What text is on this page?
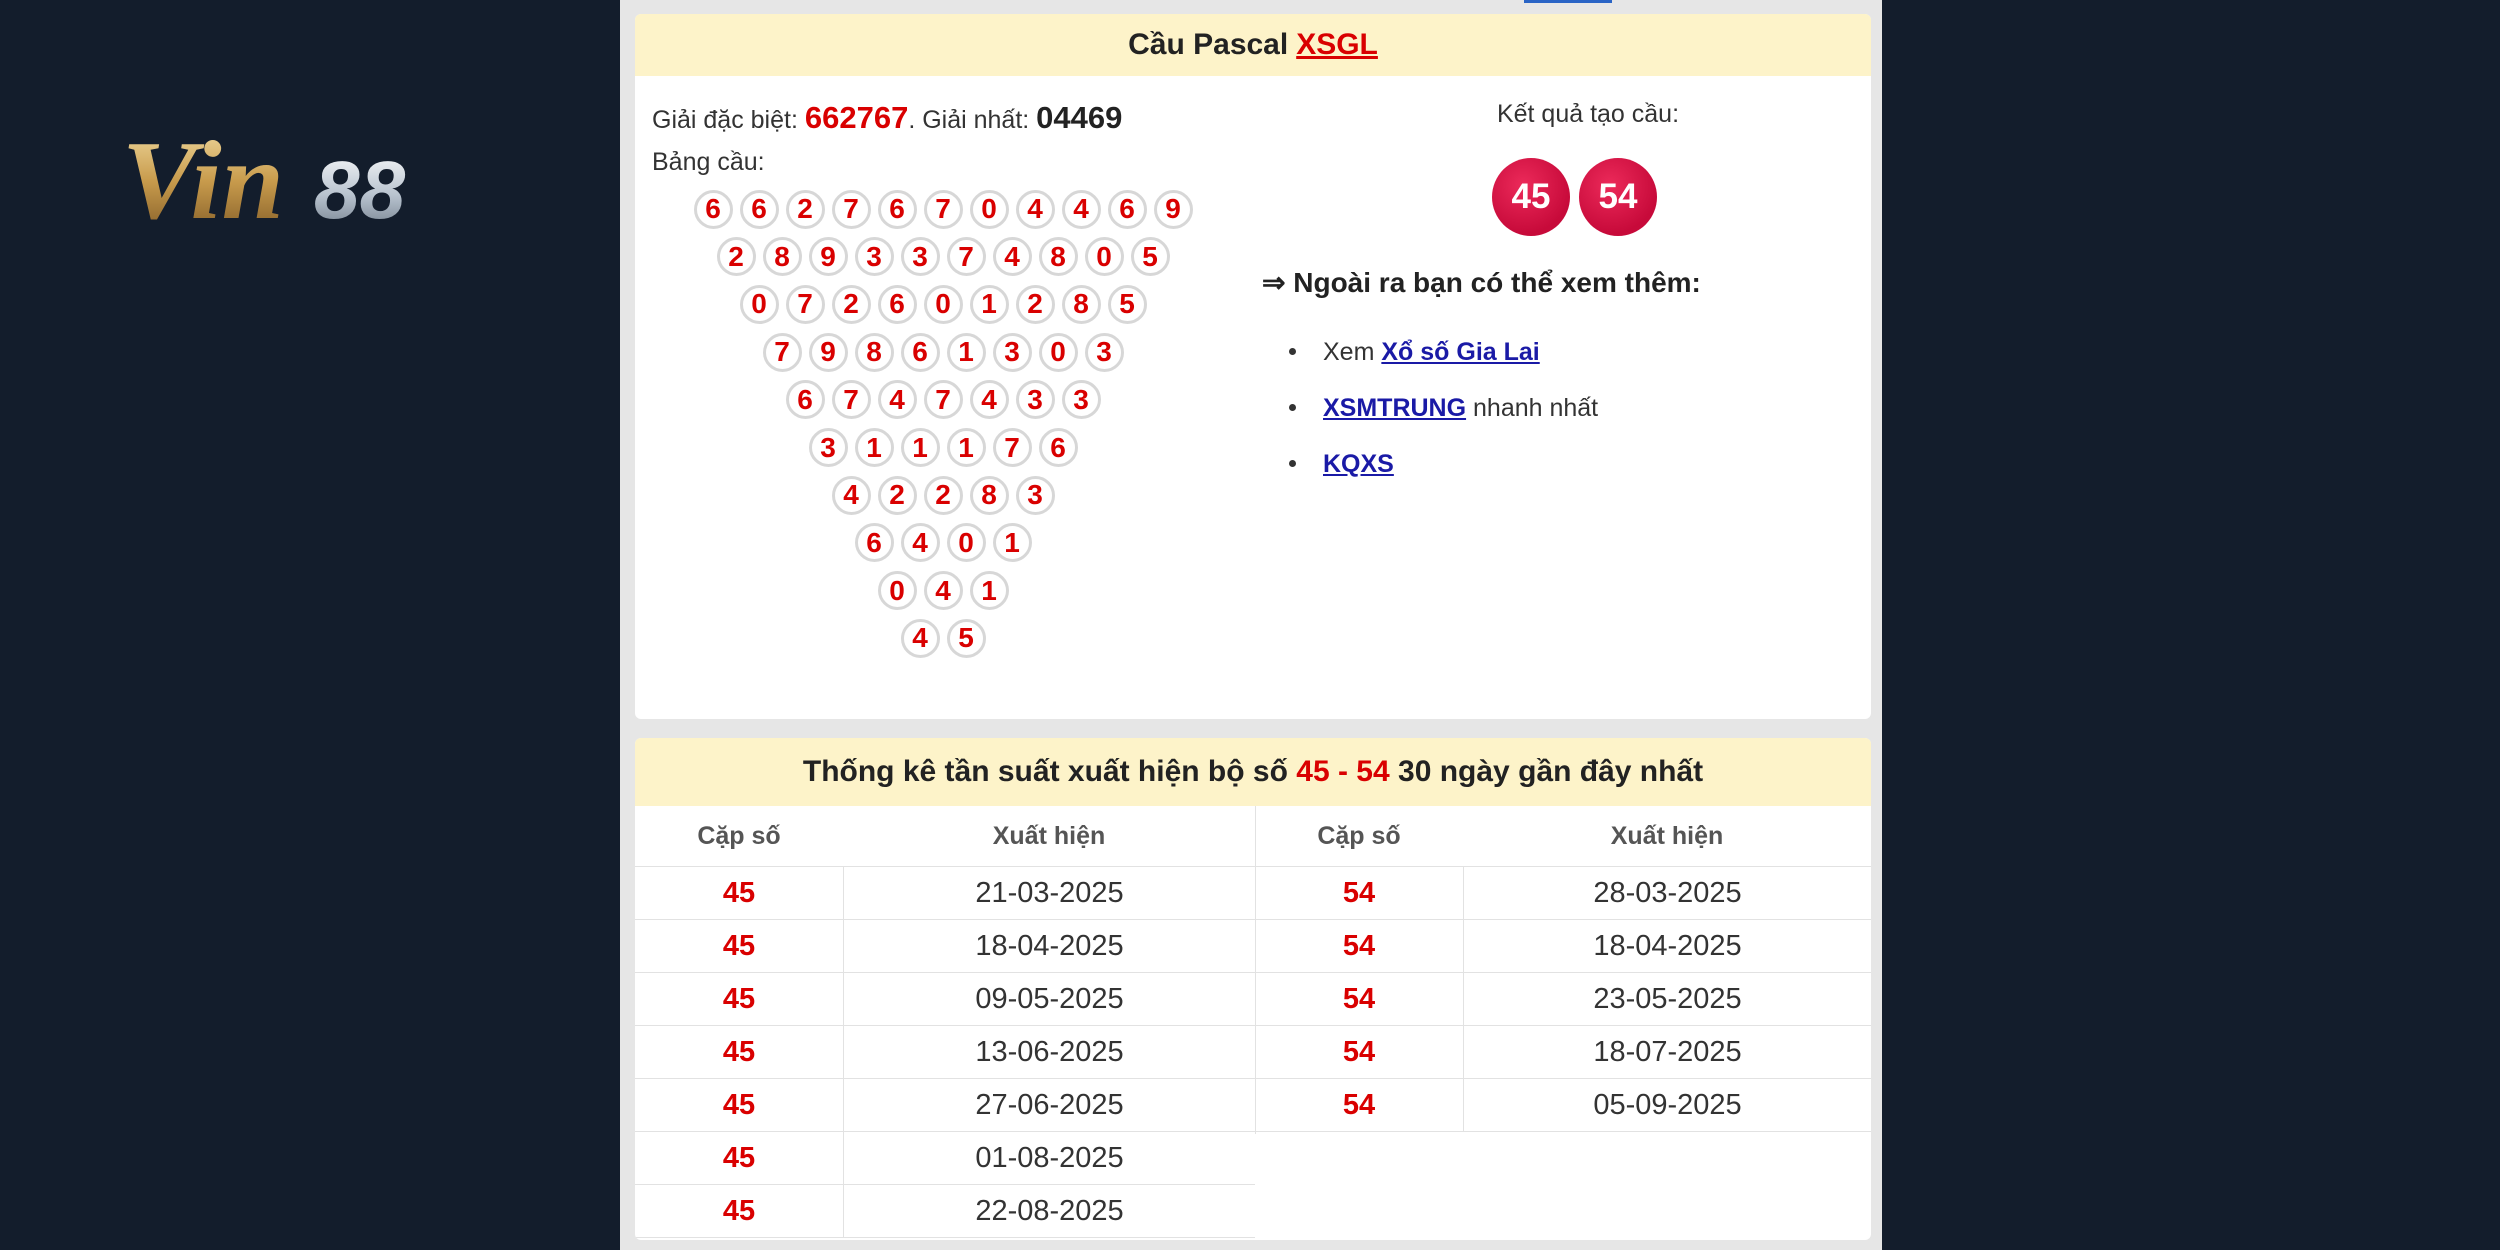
Vin 88
Cầu Pascal XSGL
Giải đặc biệt: 662767. Giải nhất: 04469
Bảng cầu:
6	6	2	7	6	7	0	4	4	6	9
2	8	9	3	3	7	4	8	0	5
0	7	2	6	0	1	2	8	5
7	9	8	6	1	3	0	3
6	7	4	7	4	3	3
3	1	1	1	7	6
4	2	2	8	3
6	4	0	1
0	4	1
4	5
Kết quả tạo cầu:
45	54
⇒ Ngoài ra bạn có thể xem thêm:
Xem
Xổ số Gia Lai
XSMTRUNG nhanh nhất
KQXS
Thống kê tần suất xuất hiện bộ số
45 - 54
30 ngày gần đây nhất
Cặp số	Xuất hiện
45	21-03-2025
45	18-04-2025
45	09-05-2025
45	13-06-2025
45	27-06-2025
45	01-08-2025
45	22-08-2025
Cặp số	Xuất hiện
54	28-03-2025
54	18-04-2025
54	23-05-2025
54	18-07-2025
54	05-09-2025
